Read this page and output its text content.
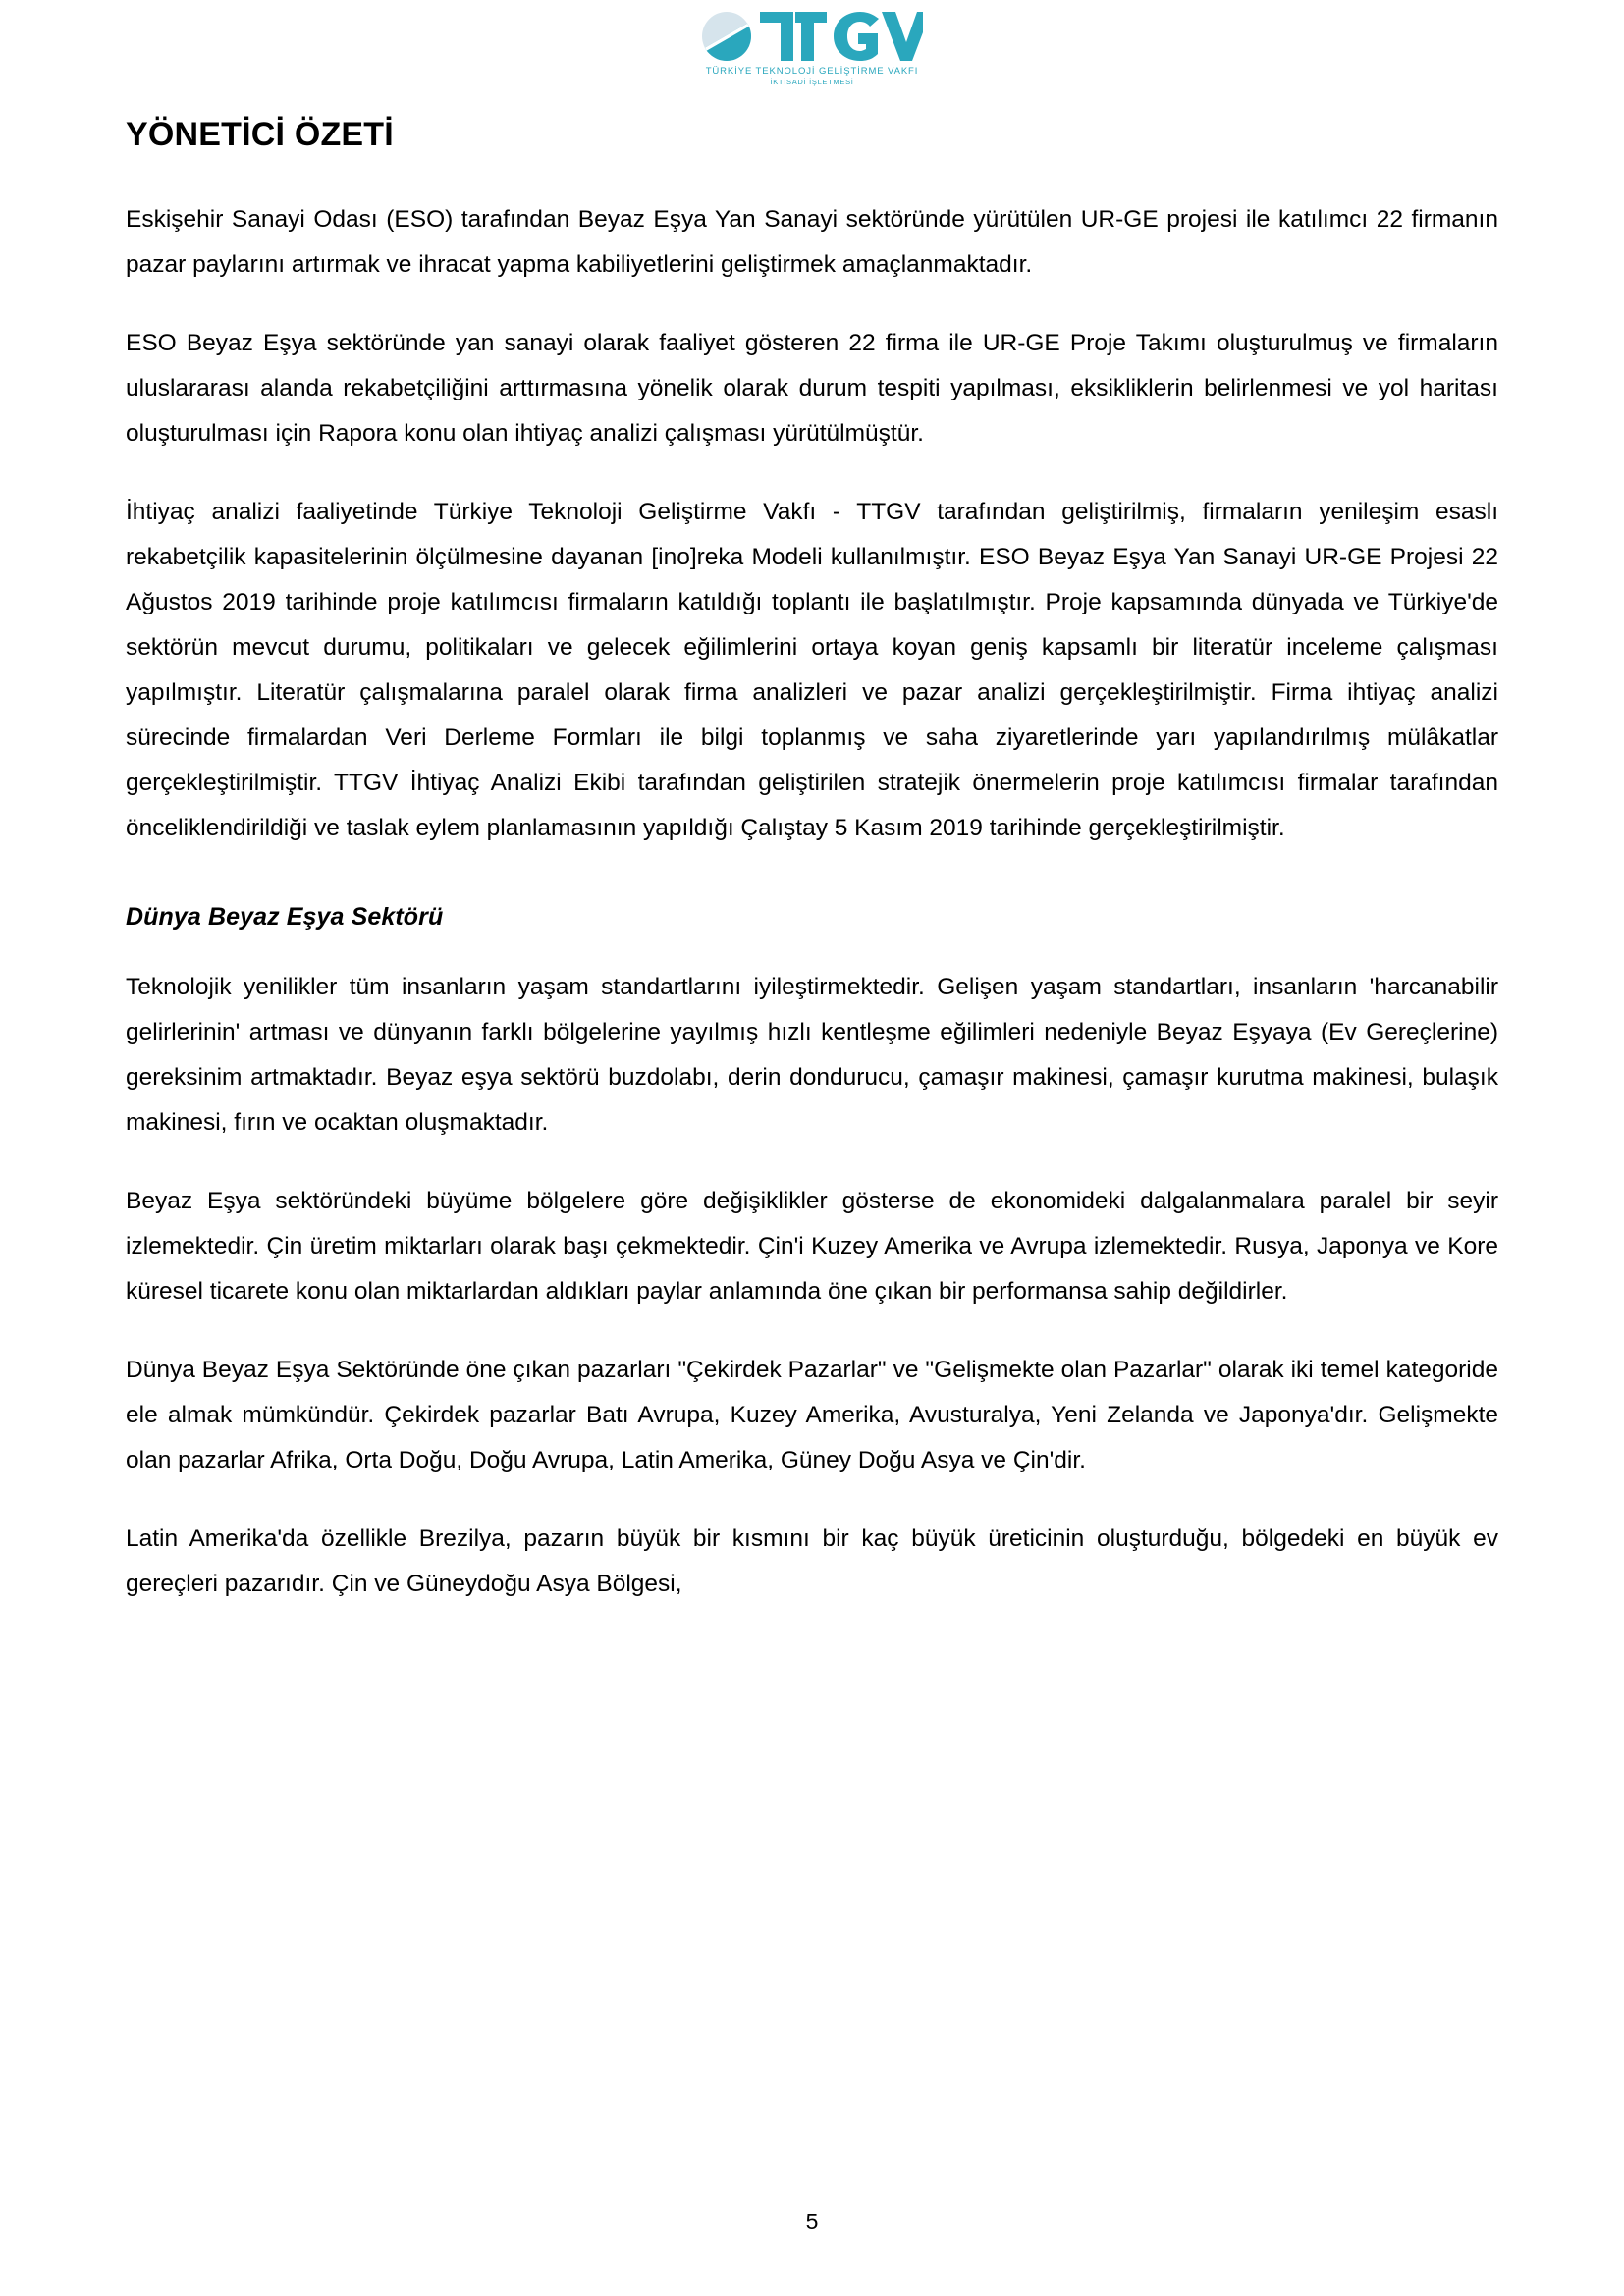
TÜRKİYE TEKNOLOJİ GELİŞTİRME VAKFI
İKTİSADİ İŞLETMESİ
YÖNETİCİ ÖZETİ

Eskişehir Sanayi Odası (ESO) tarafından Beyaz Eşya Yan Sanayi sektöründe yürütülen UR-GE projesi ile katılımcı 22 firmanın pazar paylarını artırmak ve ihracat yapma kabiliyetlerini geliştirmek amaçlanmaktadır.

ESO Beyaz Eşya sektöründe yan sanayi olarak faaliyet gösteren 22 firma ile UR-GE Proje Takımı oluşturulmuş ve firmaların uluslararası alanda rekabetçiliğini arttırmasına yönelik olarak durum tespiti yapılması, eksikliklerin belirlenmesi ve yol haritası oluşturulması için Rapora konu olan ihtiyaç analizi çalışması yürütülmüştür.

İhtiyaç analizi faaliyetinde Türkiye Teknoloji Geliştirme Vakfı - TTGV tarafından geliştirilmiş, firmaların yenileşim esaslı rekabetçilik kapasitelerinin ölçülmesine dayanan [ino]reka Modeli kullanılmıştır. ESO Beyaz Eşya Yan Sanayi UR-GE Projesi 22 Ağustos 2019 tarihinde proje katılımcısı firmaların katıldığı toplantı ile başlatılmıştır. Proje kapsamında dünyada ve Türkiye'de sektörün mevcut durumu, politikaları ve gelecek eğilimlerini ortaya koyan geniş kapsamlı bir literatür inceleme çalışması yapılmıştır. Literatür çalışmalarına paralel olarak firma analizleri ve pazar analizi gerçekleştirilmiştir. Firma ihtiyaç analizi sürecinde firmalardan Veri Derleme Formları ile bilgi toplanmış ve saha ziyaretlerinde yarı yapılandırılmış mülâkatlar gerçekleştirilmiştir. TTGV İhtiyaç Analizi Ekibi tarafından geliştirilen stratejik önermelerin proje katılımcısı firmalar tarafından önceliklendirildiği ve taslak eylem planlamasının yapıldığı Çalıştay 5 Kasım 2019 tarihinde gerçekleştirilmiştir.

Dünya Beyaz Eşya Sektörü

Teknolojik yenilikler tüm insanların yaşam standartlarını iyileştirmektedir. Gelişen yaşam standartları, insanların 'harcanabilir gelirlerinin' artması ve dünyanın farklı bölgelerine yayılmış hızlı kentleşme eğilimleri nedeniyle Beyaz Eşyaya (Ev Gereçlerine) gereksinim artmaktadır. Beyaz eşya sektörü buzdolabı, derin dondurucu, çamaşır makinesi, çamaşır kurutma makinesi, bulaşık makinesi, fırın ve ocaktan oluşmaktadır.

Beyaz Eşya sektöründeki büyüme bölgelere göre değişiklikler gösterse de ekonomideki dalgalanmalara paralel bir seyir izlemektedir. Çin üretim miktarları olarak başı çekmektedir. Çin'i Kuzey Amerika ve Avrupa izlemektedir. Rusya, Japonya ve Kore küresel ticarete konu olan miktarlardan aldıkları paylar anlamında öne çıkan bir performansa sahip değildirler.

Dünya Beyaz Eşya Sektöründe öne çıkan pazarları "Çekirdek Pazarlar" ve "Gelişmekte olan Pazarlar" olarak iki temel kategoride ele almak mümkündür. Çekirdek pazarlar Batı Avrupa, Kuzey Amerika, Avusturalya, Yeni Zelanda ve Japonya'dır. Gelişmekte olan pazarlar Afrika, Orta Doğu, Doğu Avrupa, Latin Amerika, Güney Doğu Asya ve Çin'dir.

Latin Amerika'da özellikle Brezilya, pazarın büyük bir kısmını bir kaç büyük üreticinin oluşturduğu, bölgedeki en büyük ev gereçleri pazarıdır. Çin ve Güneydoğu Asya Bölgesi,

5
